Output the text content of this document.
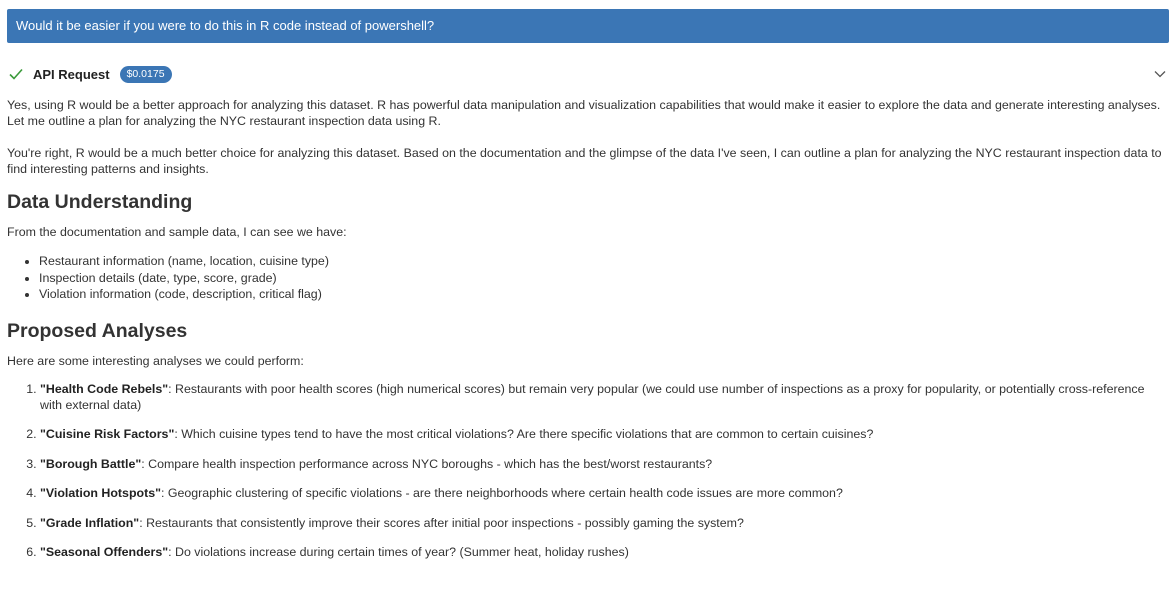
Would it be easier if you were to do this in R code instead of powershell?
API Request	$0.0175

Yes, using R would be a better approach for analyzing this dataset. R has powerful data manipulation and visualization capabilities that would make it easier to explore the data and generate interesting analyses. Let me outline a plan for analyzing the NYC restaurant inspection data using R.

You're right, R would be a much better choice for analyzing this dataset. Based on the documentation and the glimpse of the data I've seen, I can outline a plan for analyzing the NYC restaurant inspection data to find interesting patterns and insights.

Data Understanding

From the documentation and sample data, I can see we have:

• Restaurant information (name, location, cuisine type)
• Inspection details (date, type, score, grade)
• Violation information (code, description, critical flag)
Proposed Analyses

Here are some interesting analyses we could perform:

1. "Health Code Rebels": Restaurants with poor health scores (high numerical scores) but remain very popular (we could use number of inspections as a proxy for popularity, or potentially cross-reference with external data)
2. "Cuisine Risk Factors": Which cuisine types tend to have the most critical violations? Are there specific violations that are common to certain cuisines?
3. "Borough Battle": Compare health inspection performance across NYC boroughs - which has the best/worst restaurants?
4. "Violation Hotspots": Geographic clustering of specific violations - are there neighborhoods where certain health code issues are more common?
5. "Grade Inflation": Restaurants that consistently improve their scores after initial poor inspections - possibly gaming the system?
6. "Seasonal Offenders": Do violations increase during certain times of year? (Summer heat, holiday rushes)
